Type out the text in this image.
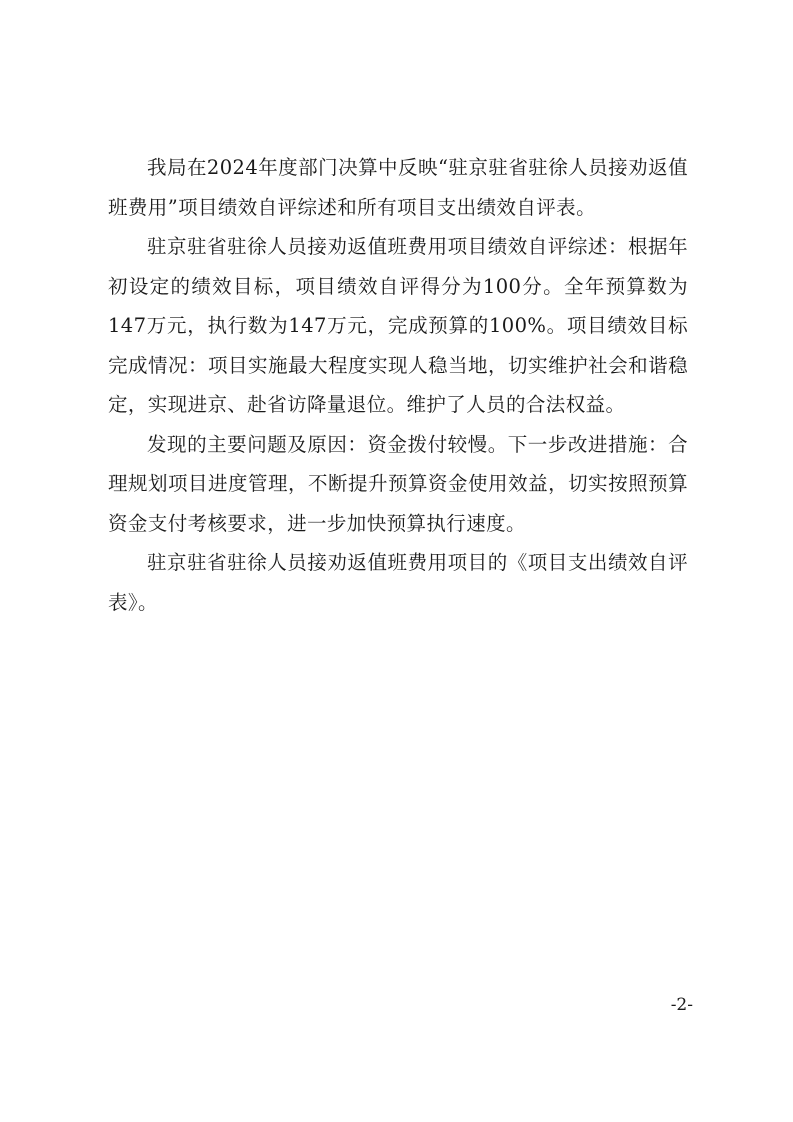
我局在2024年度部门决算中反映“驻京驻省驻徐人员接劝返值班费用”项目绩效自评综述和所有项目支出绩效自评表。

驻京驻省驻徐人员接劝返值班费用项目绩效自评综述：根据年初设定的绩效目标，项目绩效自评得分为100分。全年预算数为147万元，执行数为147万元，完成预算的100%。项目绩效目标完成情况：项目实施最大程度实现人稳当地，切实维护社会和谐稳定，实现进京、赴省访降量退位。维护了人员的合法权益。

发现的主要问题及原因：资金拨付较慢。下一步改进措施：合理规划项目进度管理，不断提升预算资金使用效益，切实按照预算资金支付考核要求，进一步加快预算执行速度。

驻京驻省驻徐人员接劝返值班费用项目的《项目支出绩效自评表》。

-2-
